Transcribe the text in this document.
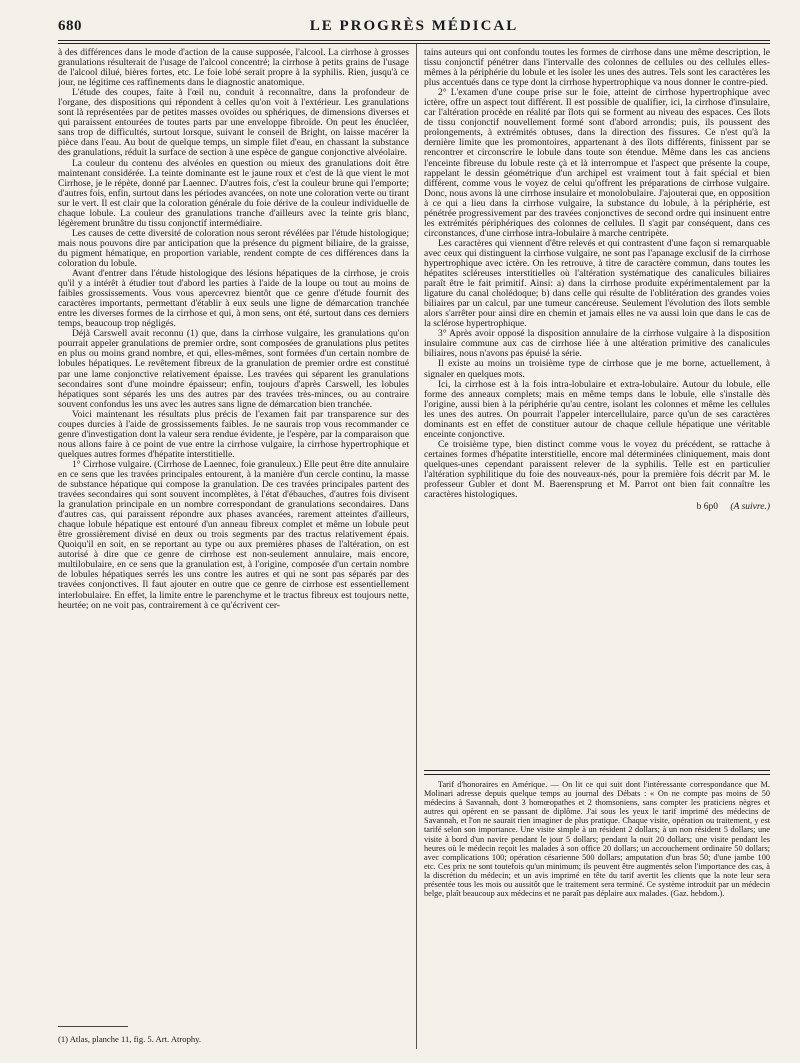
680	LE PROGRÈS MÉDICAL

à des différences dans le mode d'action de la cause supposée, l'alcool. La cirrhose à grosses granulations résulterait de l'usage de l'alcool concentré; la cirrhose à petits grains de l'usage de l'alcool dilué, bières fortes, etc. Le foie lobé serait propre à la syphilis. Rien, jusqu'à ce jour, ne légitime ces raffinements dans le diagnostic anatomique.

L'étude des coupes, faite à l'œil nu, conduit à reconnaître, dans la profondeur de l'organe, des dispositions qui répondent à celles qu'on voit à l'extérieur. Les granulations sont là représentées par de petites masses ovoïdes ou sphériques, de dimensions diverses et qui paraissent entourées de toutes parts par une enveloppe fibroïde. On peut les énucléer, sans trop de difficultés, surtout lorsque, suivant le conseil de Bright, on laisse macérer la pièce dans l'eau. Au bout de quelque temps, un simple filet d'eau, en chassant la substance des granulations, réduit la surface de section à une espèce de gangue conjonctive alvéolaire.

La couleur du contenu des alvéoles en question ou mieux des granulations doit être maintenant considérée. La teinte dominante est le jaune roux et c'est de là que vient le mot Cirrhose, je le répète, donné par Laennec. D'autres fois, c'est la couleur brune qui l'emporte; d'autres fois, enfin, surtout dans les périodes avancées, on note une coloration verte ou tirant sur le vert. Il est clair que la coloration générale du foie dérive de la couleur individuelle de chaque lobule. La couleur des granulations tranche d'ailleurs avec la teinte gris blanc, légèrement brunâtre du tissu conjonctif intermédiaire.

Les causes de cette diversité de coloration nous seront révélées par l'étude histologique; mais nous pouvons dire par anticipation que la présence du pigment biliaire, de la graisse, du pigment hématique, en proportion variable, rendent compte de ces différences dans la coloration du lobule.

Avant d'entrer dans l'étude histologique des lésions hépatiques de la cirrhose, je crois qu'il y a intérêt à étudier tout d'abord les parties à l'aide de la loupe ou tout au moins de faibles grossissements. Vous vous apercevrez bientôt que ce genre d'étude fournit des caractères importants, permettant d'établir à eux seuls une ligne de démarcation tranchée entre les diverses formes de la cirrhose et qui, à mon sens, ont été, surtout dans ces derniers temps, beaucoup trop négligés.

Déjà Carswell avait reconnu (1) que, dans la cirrhose vulgaire, les granulations qu'on pourrait appeler granulations de premier ordre, sont composées de granulations plus petites en plus ou moins grand nombre, et qui, elles-mêmes, sont formées d'un certain nombre de lobules hépatiques. Le revêtement fibreux de la granulation de premier ordre est constitué par une lame conjonctive relativement épaisse. Les travées qui séparent les granulations secondaires sont d'une moindre épaisseur; enfin, toujours d'après Carswell, les lobules hépatiques sont séparés les uns des autres par des travées très-minces, ou au contraire souvent confondus les uns avec les autres sans ligne de démarcation bien tranchée.

Voici maintenant les résultats plus précis de l'examen fait par transparence sur des coupes durcies à l'aide de grossissements faibles. Je ne saurais trop vous recommander ce genre d'investigation dont la valeur sera rendue évidente, je l'espère, par la comparaison que nous allons faire à ce point de vue entre la cirrhose vulgaire, la cirrhose hypertrophique et quelques autres formes d'hépatite interstitielle.

1° Cirrhose vulgaire. (Cirrhose de Laennec, foie granuleux.) Elle peut être dite annulaire en ce sens que les travées principales entourent, à la manière d'un cercle continu, la masse de substance hépatique qui compose la granulation. De ces travées principales partent des travées secondaires qui sont souvent incomplètes, à l'état d'ébauches, d'autres fois divisent la granulation principale en un nombre correspondant de granulations secondaires. Dans d'autres cas, qui paraissent répondre aux phases avancées, rarement atteintes d'ailleurs, chaque lobule hépatique est entouré d'un anneau fibreux complet et même un lobule peut être grossièrement divisé en deux ou trois segments par des tractus relativement épais. Quoiqu'il en soit, en se reportant au type ou aux premières phases de l'altération, on est autorisé à dire que ce genre de cirrhose est non-seulement annulaire, mais encore, multilobulaire, en ce sens que la granulation est, à l'origine, composée d'un certain nombre de lobules hépatiques serrés les uns contre les autres et qui ne sont pas séparés par des travées conjonctives. Il faut ajouter en outre que ce genre de cirrhose est essentiellement interlobulaire. En effet, la limite entre le parenchyme et le tractus fibreux est toujours nette, heurtée; on ne voit pas, contrairement à ce qu'écrivent cer-

(1) Atlas, planche 11, fig. 5. Art. Atrophy.

tains auteurs qui ont confondu toutes les formes de cirrhose dans une même description, le tissu conjonctif pénétrer dans l'intervalle des colonnes de cellules ou des cellules elles-mêmes à la périphérie du lobule et les isoler les unes des autres. Tels sont les caractères les plus accentués dans ce type dont la cirrhose hypertrophique va nous donner le contre-pied.

2° L'examen d'une coupe prise sur le foie, atteint de cirrhose hypertrophique avec ictère, offre un aspect tout différent. Il est possible de qualifier, ici, la cirrhose d'insulaire, car l'altération procède en réalité par îlots qui se forment au niveau des espaces. Ces îlots de tissu conjonctif nouvellement formé sont d'abord arrondis; puis, ils poussent des prolongements, à extrémités obtuses, dans la direction des fissures. Ce n'est qu'à la dernière limite que les promontoires, appartenant à des îlots différents, finissent par se rencontrer et circonscrire le lobule dans toute son étendue. Même dans les cas anciens l'enceinte fibreuse du lobule reste çà et là interrompue et l'aspect que présente la coupe, rappelant le dessin géométrique d'un archipel est vraiment tout à fait spécial et bien différent, comme vous le voyez de celui qu'offrent les préparations de cirrhose vulgaire. Donc, nous avons là une cirrhose insulaire et monolobulaire. J'ajouterai que, en opposition à ce qui a lieu dans la cirrhose vulgaire, la substance du lobule, à la périphérie, est pénétrée progressivement par des travées conjonctives de second ordre qui insinuent entre les extrémités périphériques des colonnes de cellules. Il s'agit par conséquent, dans ces circonstances, d'une cirrhose intra-lobulaire à marche centripète.

Les caractères qui viennent d'être relevés et qui contrastent d'une façon si remarquable avec ceux qui distinguent la cirrhose vulgaire, ne sont pas l'apanage exclusif de la cirrhose hypertrophique avec ictère. On les retrouve, à titre de caractère commun, dans toutes les hépatites scléreuses interstitielles où l'altération systématique des canalicules biliaires paraît être le fait primitif. Ainsi: a) dans la cirrhose produite expérimentalement par la ligature du canal cholédoque; b) dans celle qui résulte de l'oblitération des grandes voies biliaires par un calcul, par une tumeur cancéreuse. Seulement l'évolution des îlots semble alors s'arrêter pour ainsi dire en chemin et jamais elles ne va aussi loin que dans le cas de la sclérose hypertrophique.

3° Après avoir opposé la disposition annulaire de la cirrhose vulgaire à la disposition insulaire commune aux cas de cirrhose liée à une altération primitive des canalicules biliaires, nous n'avons pas épuisé la série.

Il existe au moins un troisième type de cirrhose que je me borne, actuellement, à signaler en quelques mots.

Ici, la cirrhose est à la fois intra-lobulaire et extra-lobulaire. Autour du lobule, elle forme des anneaux complets; mais en même temps dans le lobule, elle s'installe dès l'origine, aussi bien à la périphérie qu'au centre, isolant les colonnes et même les cellules les unes des autres. On pourrait l'appeler intercellulaire, parce qu'un de ses caractères dominants est en effet de constituer autour de chaque cellule hépatique une véritable enceinte conjonctive.

Ce troisième type, bien distinct comme vous le voyez du précédent, se rattache à certaines formes d'hépatite interstitielle, encore mal déterminées cliniquement, mais dont quelques-unes cependant paraissent relever de la syphilis. Telle est en particulier l'altération syphilitique du foie des nouveaux-nés, pour la première fois décrit par M. le professeur Gubler et dont M. Baerensprung et M. Parrot ont bien fait connaître les caractères histologiques.

b 6p0 (A suivre.)

Tarif d'honoraires en Amérique. — On lit ce qui suit dont l'intéressante correspondance que M. Molinari adresse depuis quelque temps au journal des Débats : « On ne compte pas moins de 50 médecins à Savannah, dont 3 homœopathes et 2 thomsoniens, sans compter les praticiens nègres et autres qui opèrent en se passant de diplôme. J'ai sous les yeux le tarif imprimé des médecins de Savannah, et l'on ne saurait rien imaginer de plus pratique. Chaque visite, opération ou traitement, y est tarifé selon son importance. Une visite simple à un résident 2 dollars; à un non résident 5 dollars; une visite à bord d'un navire pendant le jour 5 dollars; pendant la nuit 20 dollars; une visite pendant les heures où le médecin reçoit les malades à son office 20 dollars; un accouchement ordinaire 50 dollars; avec complications 100; opération césarienne 500 dollars; amputation d'un bras 50; d'une jambe 100 etc. Ces prix ne sont toutefois qu'un minimum; ils peuvent être augmentés selon l'importance des cas, à la discrétion du médecin; et un avis imprimé en tête du tarif avertit les clients que la note leur sera présentée tous les mois ou aussitôt que le traitement sera terminé. Ce système introduit par un médecin belge, plaît beaucoup aux médecins et ne paraît pas déplaire aux malades. (Gaz. hebdom.).
